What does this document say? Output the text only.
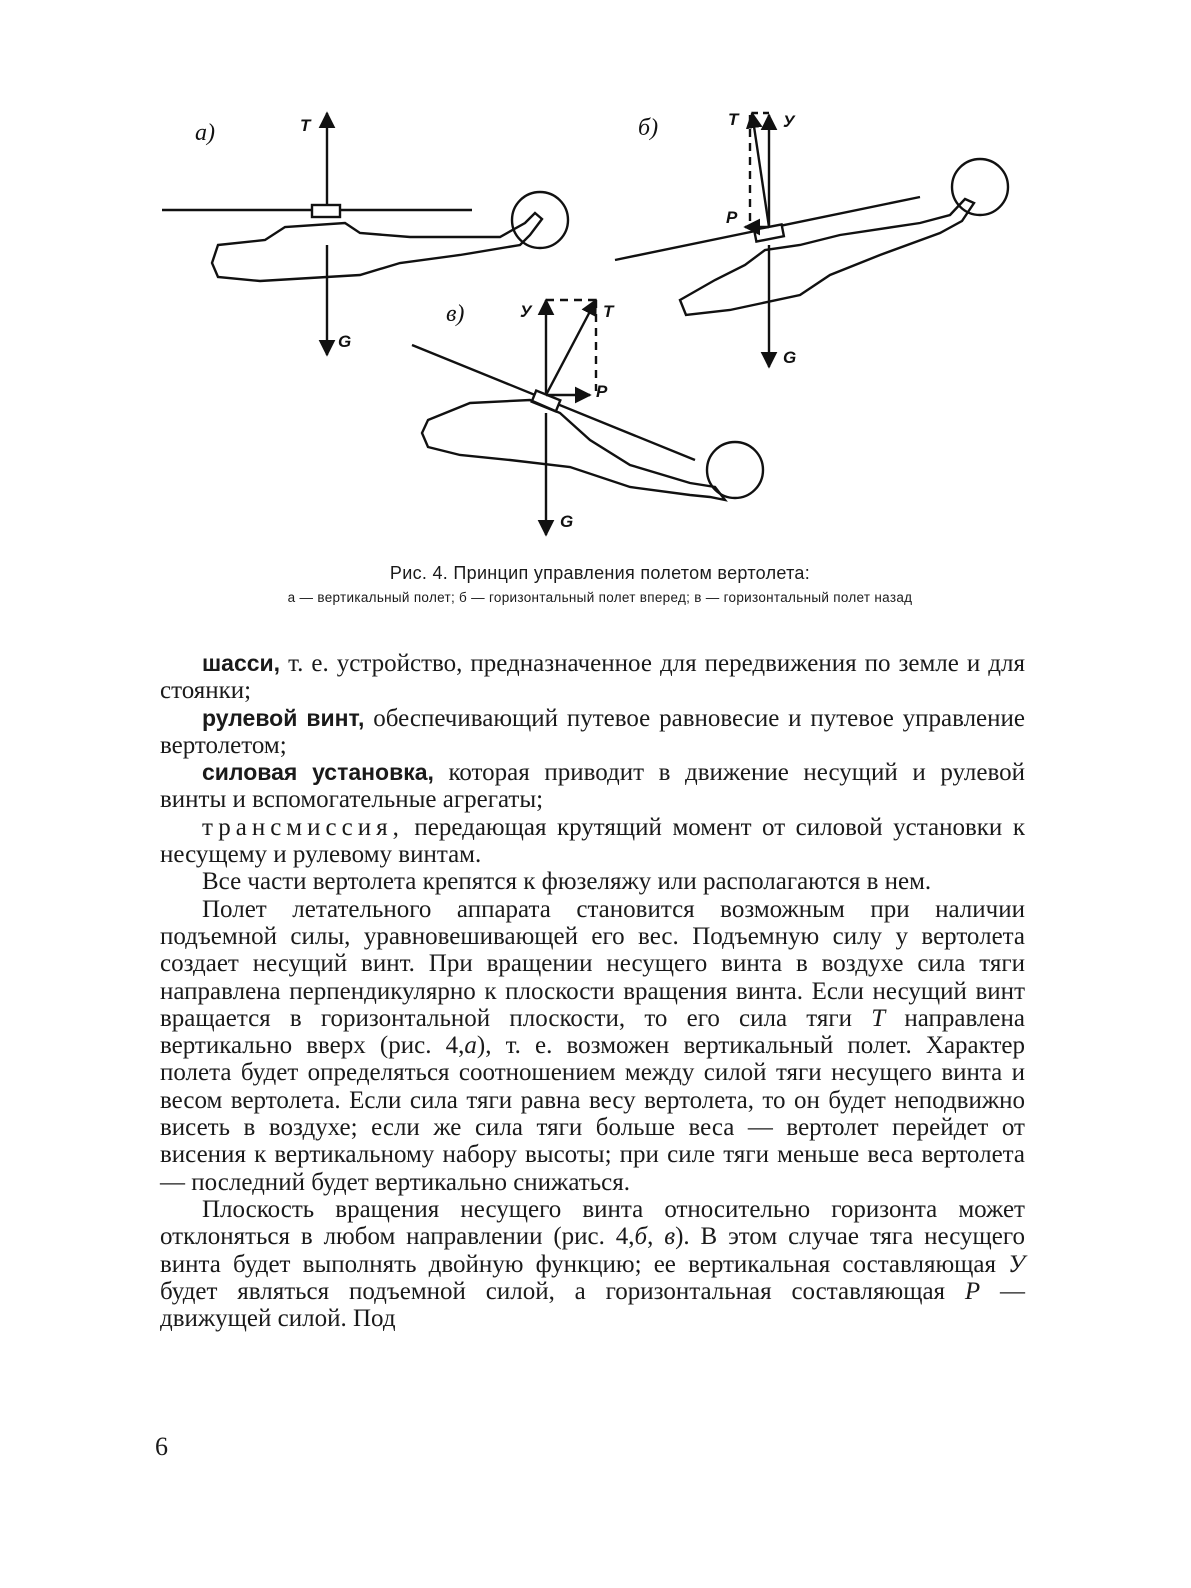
a)	б)
в)
T
G
T	У
P
G
У	T
P
G
Рис. 4. Принцип управления полетом вертолета:
а — вертикальный полет; б — горизонтальный полет вперед; в — горизонтальный полет назад

шасси, т. е. устройство, предназначенное для передвижения по земле и для стоянки;

рулевой винт, обеспечивающий путевое равновесие и путевое управление вертолетом;

силовая установка, которая приводит в движение несущий и рулевой винты и вспомогательные агрегаты;

трансмиссия, передающая крутящий момент от силовой установки к несущему и рулевому винтам.

Все части вертолета крепятся к фюзеляжу или располагаются в нем.

Полет летательного аппарата становится возможным при наличии подъемной силы, уравновешивающей его вес. Подъемную силу у вертолета создает несущий винт. При вращении несущего винта в воздухе сила тяги направлена перпендикулярно к плоскости вращения винта. Если несущий винт вращается в горизонтальной плоскости, то его сила тяги T направлена вертикально вверх (рис. 4,а), т. е. возможен вертикальный полет. Характер полета будет определяться соотношением между силой тяги несущего винта и весом вертолета. Если сила тяги равна весу вертолета, то он будет неподвижно висеть в воздухе; если же сила тяги больше веса — вертолет перейдет от висения к вертикальному набору высоты; при силе тяги меньше веса вертолета — последний будет вертикально снижаться.

Плоскость вращения несущего винта относительно горизонта может отклоняться в любом направлении (рис. 4,б, в). В этом случае тяга несущего винта будет выполнять двойную функцию; ее вертикальная составляющая У будет являться подъемной силой, а горизонтальная составляющая P — движущей силой. Под

6
